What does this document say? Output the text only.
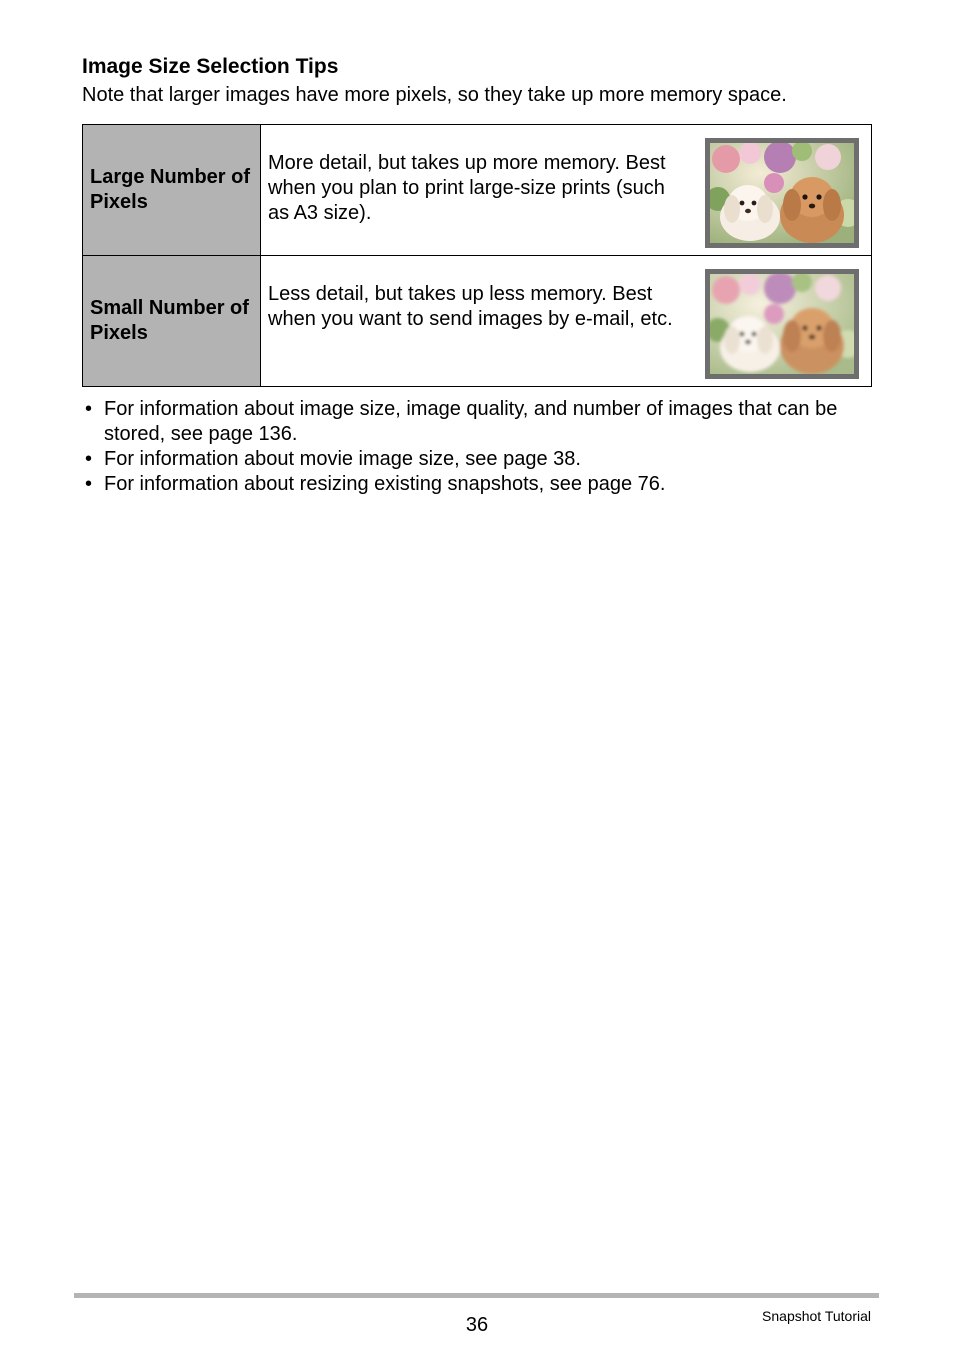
Image Size Selection Tips
Note that larger images have more pixels, so they take up more memory space.
Large Number of Pixels	More detail, but takes up more memory. Best when you plan to print large-size prints (such as A3 size).

Small Number of Pixels	Less detail, but takes up less memory. Best when you want to send images by e-mail, etc.
• For information about image size, image quality, and number of images that can be stored, see page 136.
• For information about movie image size, see page 38.
• For information about resizing existing snapshots, see page 76.
36	Snapshot Tutorial
